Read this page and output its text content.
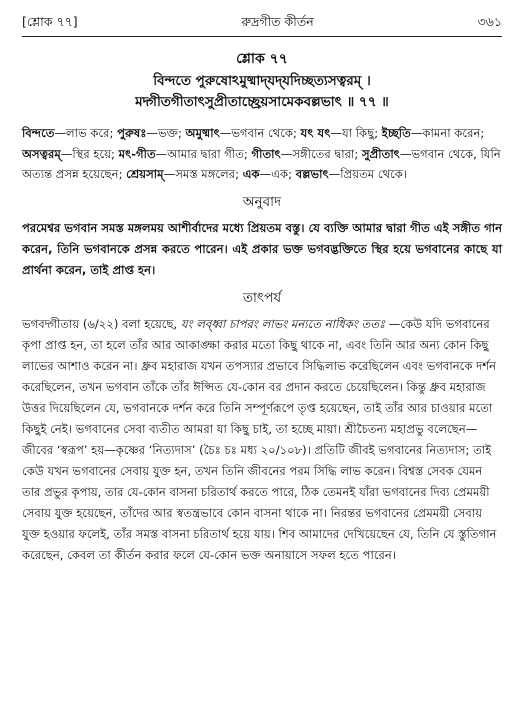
[শ্লোক ৭৭]	রুদ্রগীত কীর্তন	৩৬১
শ্লোক ৭৭
বিন্দতে পুরুষোঽমুষ্মাদ্‌যদ্‌যদিচ্ছত্যসত্বরম্‌ ।
মদ্গীতগীতাৎসুপ্রীতাচ্ছ্রেয়সামেকবল্লভাৎ ॥ ৭৭ ॥
বিন্দতে—লাভ করে; পুরুষঃ—ভক্ত; অমুষ্মাৎ—ভগবান থেকে; যৎ যৎ—যা কিছু; ইচ্ছতি—কামনা করেন; অসত্বরম্—স্থির হয়ে; মৎ-গীত—আমার দ্বারা গীত; গীতাৎ—সঙ্গীতের দ্বারা; সুপ্রীতাৎ—ভগবান থেকে, যিনি অত্যন্ত প্রসন্ন হয়েছেন; শ্রেয়সাম্—সমস্ত মঙ্গলের; এক—এক; বল্লভাৎ—প্রিয়তম থেকে।
অনুবাদ
পরমেশ্বর ভগবান সমস্ত মঙ্গলময় আশীর্বাদের মধ্যে প্রিয়তম বস্তু। যে ব্যক্তি আমার দ্বারা গীত এই সঙ্গীত গান করেন, তিনি ভগবানকে প্রসন্ন করতে পারেন। এই প্রকার ভক্ত ভগবদ্ভক্তিতে স্থির হয়ে ভগবানের কাছে যা প্রার্থনা করেন, তাই প্রাপ্ত হন।
তাৎপর্য

ভগবদ্গীতায় (৬/২২) বলা হয়েছে, যং লব্ধ্বা চাপরং লাভং মন্যতে নাধিকং ততঃ —কেউ যদি ভগবানের কৃপা প্রাপ্ত হন, তা হলে তাঁর আর আকাঙ্ক্ষা করার মতো কিছু থাকে না, এবং তিনি আর অন্য কোন কিছু লাভের আশাও করেন না। ধ্রুব মহারাজ যখন তপস্যার প্রভাবে সিদ্ধিলাভ করেছিলেন এবং ভগবানকে দর্শন করেছিলেন, তখন ভগবান তাঁকে তাঁর ঈপ্সিত যে-কোন বর প্রদান করতে চেয়েছিলেন। কিন্তু ধ্রুব মহারাজ উত্তর দিয়েছিলেন যে, ভগবানকে দর্শন করে তিনি সম্পূর্ণরূপে তৃপ্ত হয়েছেন, তাই তাঁর আর চাওয়ার মতো কিছুই নেই। ভগবানের সেবা ব্যতীত আমরা যা কিছু চাই, তা হচ্ছে মায়া। শ্রীচৈতন্য মহাপ্রভু বলেছেন—জীবের ‘স্বরূপ’ হয়—কৃষ্ণের ‘নিত্যদাস’ (চৈঃ চঃ মধ্য ২০/১০৮)। প্রতিটি জীবই ভগবানের নিত্যদাস; তাই কেউ যখন ভগবানের সেবায় যুক্ত হন, তখন তিনি জীবনের পরম সিদ্ধি লাভ করেন। বিশ্বস্ত সেবক যেমন তার প্রভুর কৃপায়, তার যে-কোন বাসনা চরিতার্থ করতে পারে, ঠিক তেমনই যাঁরা ভগবানের দিব্য প্রেমময়ী সেবায় যুক্ত হয়েছেন, তাঁদের আর স্বতন্ত্রভাবে কোন বাসনা থাকে না। নিরন্তর ভগবানের প্রেমময়ী সেবায় যুক্ত হওয়ার ফলেই, তাঁর সমস্ত বাসনা চরিতার্থ হয়ে যায়। শিব আমাদের দেখিয়েছেন যে, তিনি যে স্তুতিগান করেছেন, কেবল তা কীর্তন করার ফলে যে-কোন ভক্ত অনায়াসে সফল হতে পারেন।
